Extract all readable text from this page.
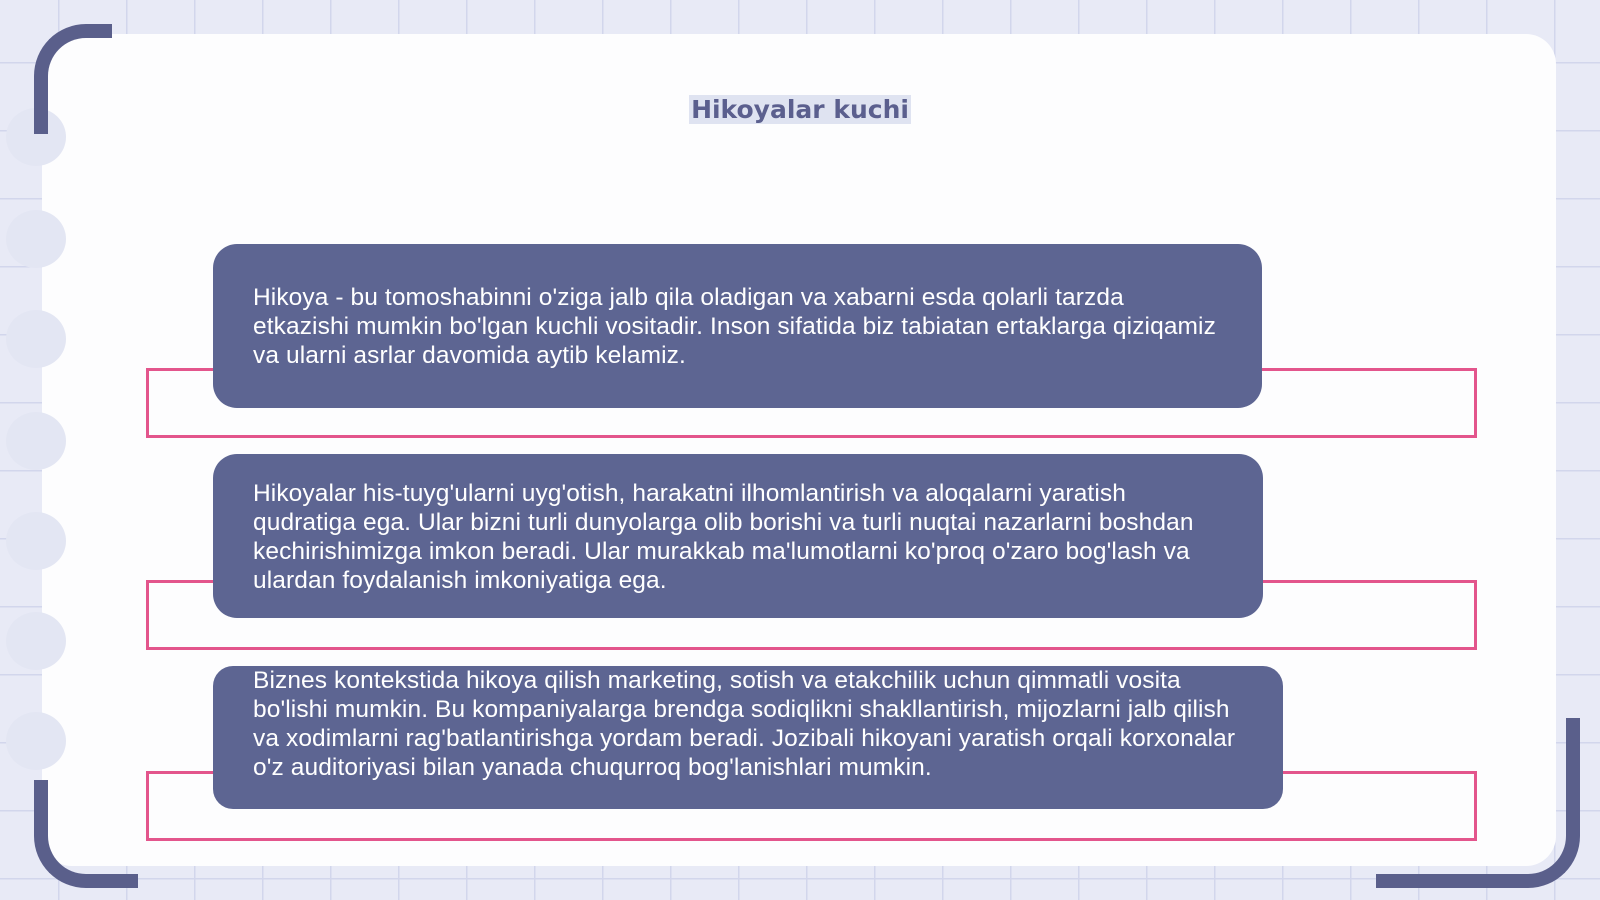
Hikoyalar kuchi

Hikoya - bu tomoshabinni o'ziga jalb qila oladigan va xabarni esda qolarli tarzda etkazishi mumkin bo'lgan kuchli vositadir. Inson sifatida biz tabiatan ertaklarga qiziqamiz va ularni asrlar davomida aytib kelamiz.

Hikoyalar his-tuyg'ularni uyg'otish, harakatni ilhomlantirish va aloqalarni yaratish qudratiga ega. Ular bizni turli dunyolarga olib borishi va turli nuqtai nazarlarni boshdan kechirishimizga imkon beradi. Ular murakkab ma'lumotlarni ko'proq o'zaro bog'lash va ulardan foydalanish imkoniyatiga ega.

Biznes kontekstida hikoya qilish marketing, sotish va etakchilik uchun qimmatli vosita bo'lishi mumkin. Bu kompaniyalarga brendga sodiqlikni shakllantirish, mijozlarni jalb qilish va xodimlarni rag'batlantirishga yordam beradi. Jozibali hikoyani yaratish orqali korxonalar o'z auditoriyasi bilan yanada chuqurroq bog'lanishlari mumkin.
